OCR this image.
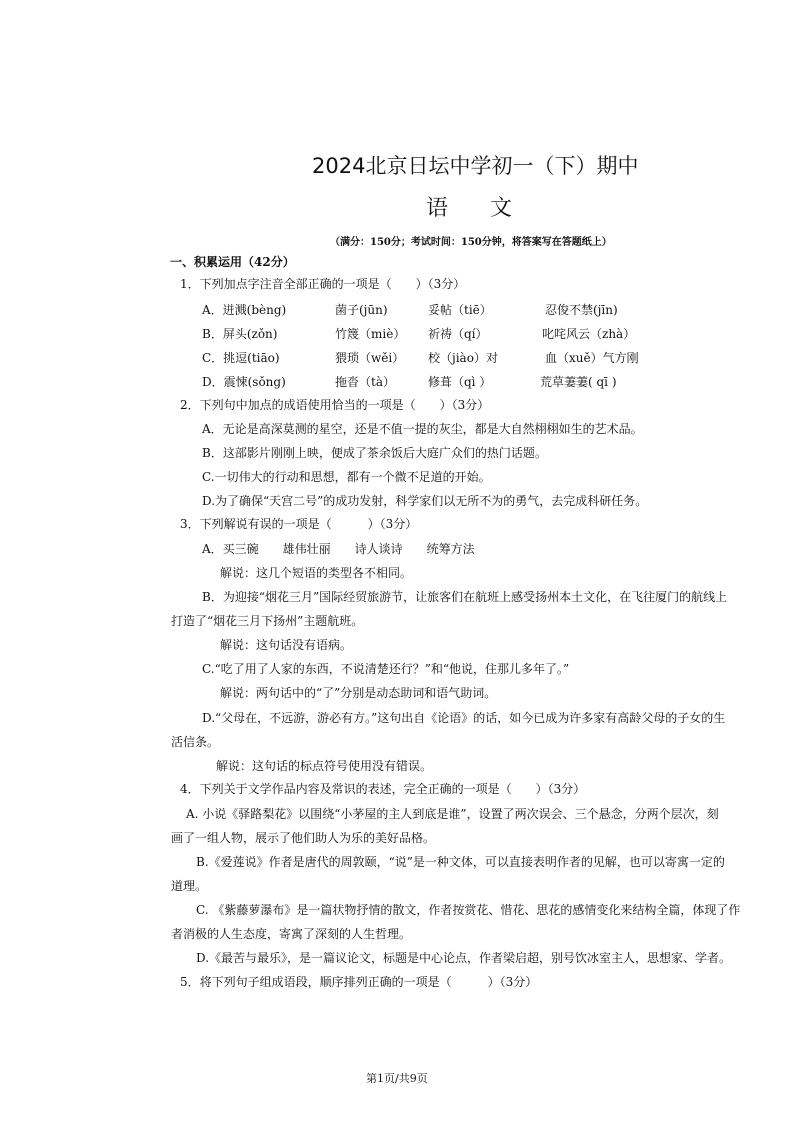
2024北京日坛中学初一（下）期中
语 文
（满分：150分；考试时间：150分钟，将答案写在答题纸上）
一、积累运用（42分）
1．下列加点字注音全部正确的一项是（　　）（3分）
A．迸溅(bèng)	菌子(jūn)	妥帖（tiē）	忍俊不禁(jīn)
B．屏头(zǒn)	竹篾（miè） 祈祷（qí）	叱咤风云（zhà）
C．挑逗(tiāo)	猥琐（wěi） 校（jiào）对	血（xuě）气方刚
D．震悚(sǒng)	拖沓（tà）	修葺（qì ）	荒草萋萋( qī )
2．下列句中加点的成语使用恰当的一项是（　　）（3分）
A．无论是高深莫测的星空，还是不值一提的灰尘，都是大自然栩栩如生的艺术品。
B．这部影片刚刚上映，便成了茶余饭后大庭广众们的热门话题。
C.一切伟大的行动和思想，都有一个微不足道的开始。
D.为了确保“天宫二号”的成功发射，科学家们以无所不为的勇气，去完成科研任务。
3．下列解说有误的一项是（　　　）（3分）
A．买三碗　　雄伟壮丽　　诗人谈诗　　统筹方法
解说：这几个短语的类型各不相同。
B．为迎接“烟花三月”国际经贸旅游节，让旅客们在航班上感受扬州本土文化，在飞往厦门的航线上
打造了“烟花三月下扬州”主题航班。
解说：这句话没有语病。
C.“吃了用了人家的东西，不说清楚还行？”和“他说，住那儿多年了。”
解说：两句话中的“了”分别是动态助词和语气助词。
D.“父母在，不远游，游必有方。”这句出自《论语》的话，如今已成为许多家有高龄父母的子女的生
活信条。
解说：这句话的标点符号使用没有错误。
4．下列关于文学作品内容及常识的表述，完全正确的一项是（　　）（3分）
A. 小说《驿路梨花》以围绕“小茅屋的主人到底是谁”，设置了两次误会、三个悬念，分两个层次，刻
画了一组人物，展示了他们助人为乐的美好品格。
B.《爱莲说》作者是唐代的周敦颐，“说”是一种文体，可以直接表明作者的见解，也可以寄寓一定的
道理。
C. 《紫藤萝瀑布》是一篇状物抒情的散文，作者按赏花、惜花、思花的感情变化来结构全篇，体现了作
者消极的人生态度，寄寓了深刻的人生哲理。
D.《最苦与最乐》，是一篇议论文，标题是中心论点，作者梁启超，别号饮冰室主人，思想家、学者。
5．将下列句子组成语段，顺序排列正确的一项是（　　　）（3分）
第1页/共9页
